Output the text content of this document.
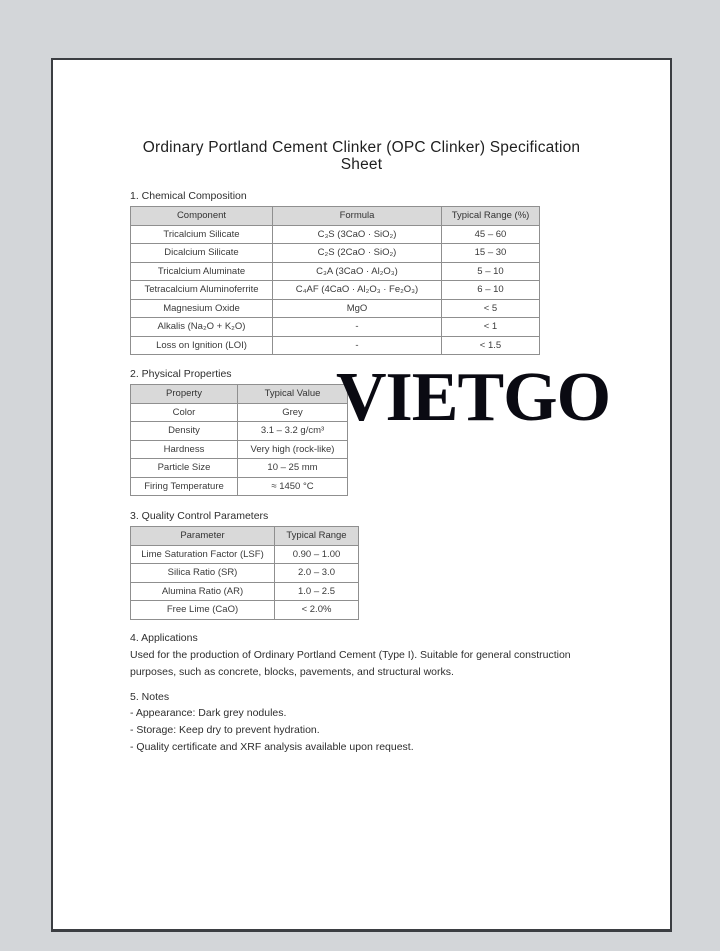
Ordinary Portland Cement Clinker (OPC Clinker) Specification Sheet
1. Chemical Composition
Component	Formula	Typical Range (%)
Tricalcium Silicate	C₃S (3CaO · SiO₂)	45 – 60
Dicalcium Silicate	C₂S (2CaO · SiO₂)	15 – 30
Tricalcium Aluminate	C₃A (3CaO · Al₂O₃)	5 – 10
Tetracalcium Aluminoferrite	C₄AF (4CaO · Al₂O₃ · Fe₂O₃)	6 – 10
Magnesium Oxide	MgO	< 5
Alkalis (Na₂O + K₂O)	-	< 1
Loss on Ignition (LOI)	-	< 1.5
2. Physical Properties
Property	Typical Value
Color	Grey
Density	3.1 – 3.2 g/cm³
Hardness	Very high (rock-like)
Particle Size	10 – 25 mm
Firing Temperature	≈ 1450 °C
VIETGO
3. Quality Control Parameters
Parameter	Typical Range
Lime Saturation Factor (LSF)	0.90 – 1.00
Silica Ratio (SR)	2.0 – 3.0
Alumina Ratio (AR)	1.0 – 2.5
Free Lime (CaO)	< 2.0%
4. Applications
Used for the production of Ordinary Portland Cement (Type I). Suitable for general construction purposes, such as concrete, blocks, pavements, and structural works.
5. Notes
- Appearance: Dark grey nodules.
- Storage: Keep dry to prevent hydration.
- Quality certificate and XRF analysis available upon request.
